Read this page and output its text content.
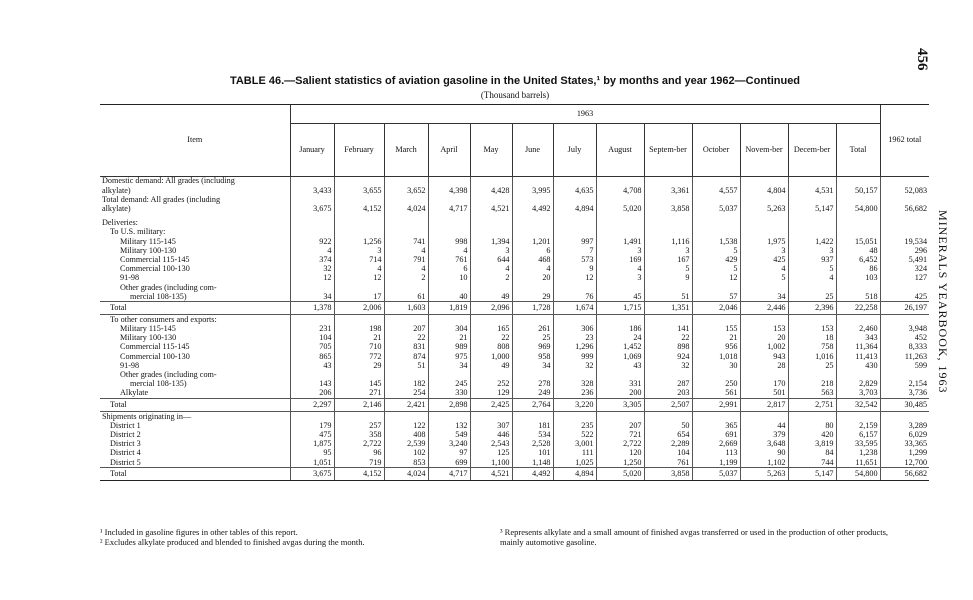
456
MINERALS YEARBOOK, 1963
TABLE 46.—Salient statistics of aviation gasoline in the United States,¹ by months and year 1962—Continued
(Thousand barrels)
Item	1963													1962 total
	January	February	March	April	May	June	July	August	Septem-ber	October	Novem-ber	Decem-ber	Total	
Domestic demand: All grades (including														
alkylate)	3,433	3,655	3,652	4,398	4,428	3,995	4,635	4,708	3,361	4,557	4,804	4,531	50,157	52,083
Total demand: All grades (including														
alkylate)	3,675	4,152	4,024	4,717	4,521	4,492	4,894	5,020	3,858	5,037	5,263	5,147	54,800	56,682

Deliveries:														
To U.S. military:														
Military 115-145	922	1,256	741	998	1,394	1,201	997	1,491	1,116	1,538	1,975	1,422	15,051	19,534
Military 100-130	4	3	4	4	3	6	7	3	3	5	3	3	48	296
Commercial 115-145	374	714	791	761	644	468	573	169	167	429	425	937	6,452	5,491
Commercial 100-130	32	4	4	6	4	4	9	4	5	5	4	5	86	324
91-98	12	12	2	10	2	20	12	3	9	12	5	4	103	127
Other grades (including com-														
mercial 108-135)	34	17	61	40	49	29	76	45	51	57	34	25	518	425
Total	1,378	2,006	1,603	1,819	2,096	1,728	1,674	1,715	1,351	2,046	2,446	2,396	22,258	26,197
To other consumers and exports:														
Military 115-145	231	198	207	304	165	261	306	186	141	155	153	153	2,460	3,948
Military 100-130	104	21	22	21	22	25	23	24	22	21	20	18	343	452
Commercial 115-145	705	710	831	989	808	969	1,296	1,452	898	956	1,002	758	11,364	8,333
Commercial 100-130	865	772	874	975	1,000	958	999	1,069	924	1,018	943	1,016	11,413	11,263
91-98	43	29	51	34	49	34	32	43	32	30	28	25	430	599
Other grades (including com-														
mercial 108-135)	143	145	182	245	252	278	328	331	287	250	170	218	2,829	2,154
Alkylate	206	271	254	330	129	249	236	200	203	561	501	563	3,703	3,736
Total	2,297	2,146	2,421	2,898	2,425	2,764	3,220	3,305	2,507	2,991	2,817	2,751	32,542	30,485
Shipments originating in—														
District 1	179	257	122	132	307	181	235	207	50	365	44	80	2,159	3,289
District 2	475	358	408	549	446	534	522	721	654	691	379	420	6,157	6,029
District 3	1,875	2,722	2,539	3,240	2,543	2,528	3,001	2,722	2,289	2,669	3,648	3,819	33,595	33,365
District 4	95	96	102	97	125	101	111	120	104	113	90	84	1,238	1,299
District 5	1,051	719	853	699	1,100	1,148	1,025	1,250	761	1,199	1,102	744	11,651	12,700
Total	3,675	4,152	4,024	4,717	4,521	4,492	4,894	5,020	3,858	5,037	5,263	5,147	54,800	56,682
¹ Included in gasoline figures in other tables of this report.
² Excludes alkylate produced and blended to finished avgas during the month.
³ Represents alkylate and a small amount of finished avgas transferred or used in the production of other products, mainly automotive gasoline.
